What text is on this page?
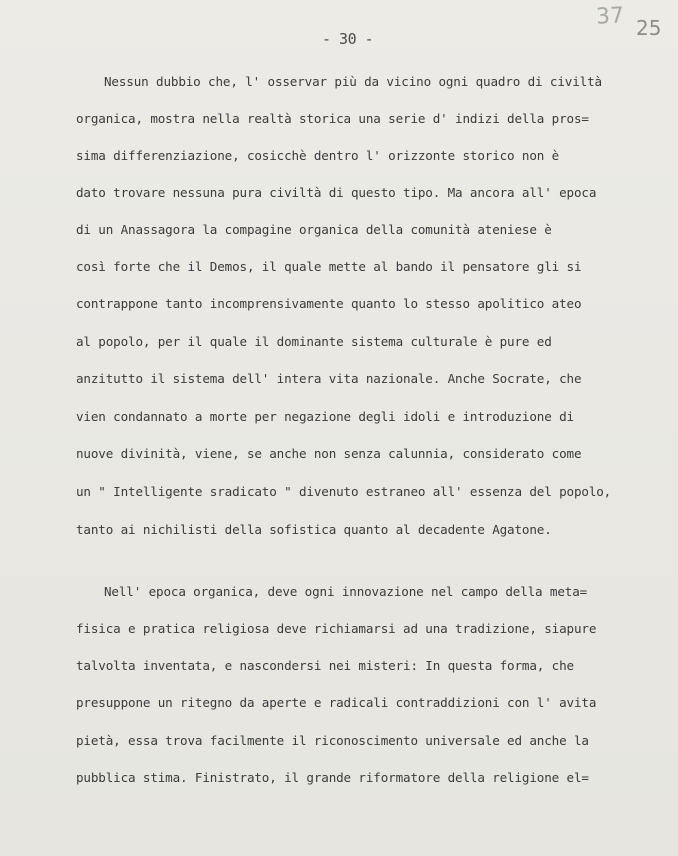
- 30 -
37 25
Nessun dubbio che, l' osservar più da vicino ogni quadro di civiltà
organica, mostra nella realtà storica una serie d' indizi della pros=
sima differenziazione, cosicchè dentro l' orizzonte storico non è
dato trovare nessuna pura civiltà di questo tipo. Ma ancora all' epoca
di un Anassagora la compagine organica della comunità ateniese è
così forte che il Demos, il quale mette al bando il pensatore gli si
contrappone tanto incomprensivamente quanto lo stesso apolitico ateo
al popolo, per il quale il dominante sistema culturale è pure ed
anzitutto il sistema dell' intera vita nazionale. Anche Socrate, che
vien condannato a morte per negazione degli idoli e introduzione di
nuove divinità, viene, se anche non senza calunnia, considerato come
un " Intelligente sradicato " divenuto estraneo all' essenza del popolo,
tanto ai nichilisti della sofistica quanto al decadente Agatone.
Nell' epoca organica, deve ogni innovazione nel campo della meta=
fisica e pratica religiosa deve richiamarsi ad una tradizione, siapure
talvolta inventata, e nascondersi nei misteri: In questa forma, che
presuppone un ritegno da aperte e radicali contraddizioni con l' avita
pietà, essa trova facilmente il riconoscimento universale ed anche la
pubblica stima. Finistrato, il grande riformatore della religione el=
